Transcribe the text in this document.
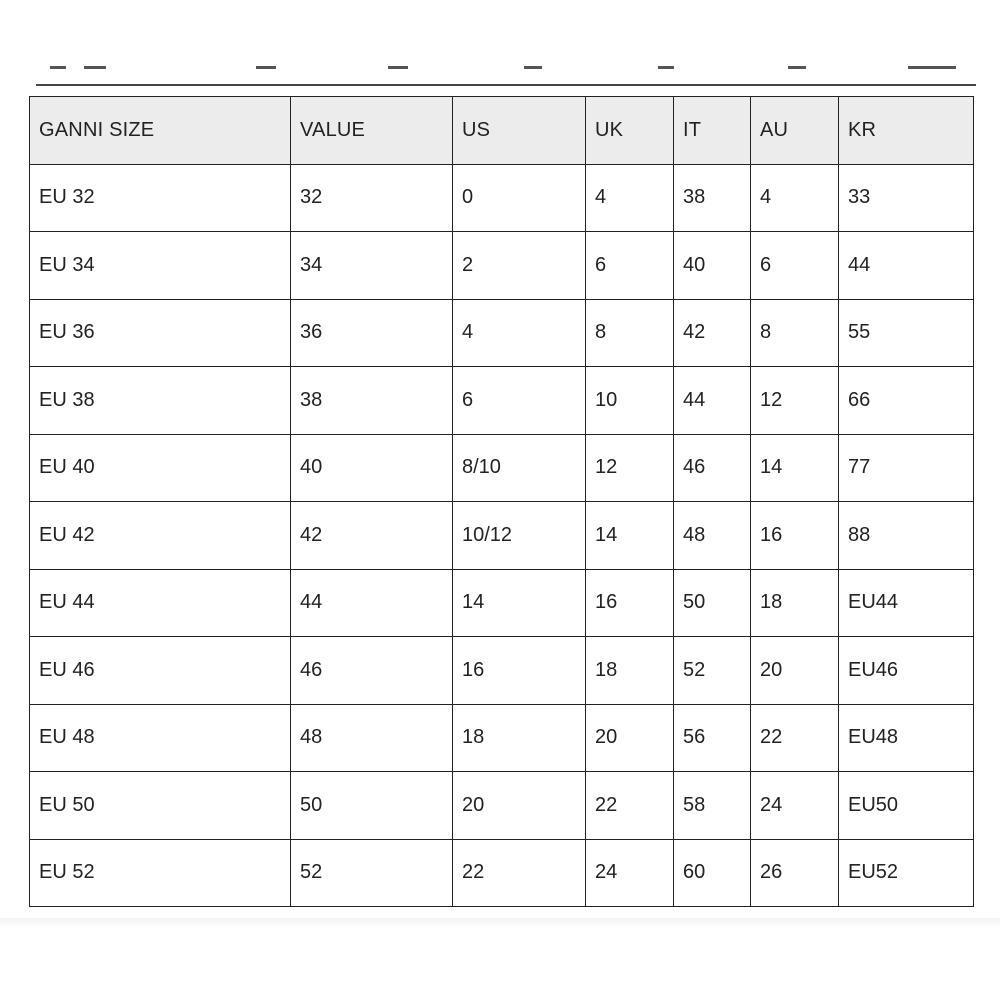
GANNI SIZE	VALUE	US	UK	IT	AU	KR
EU 32	32	0	4	38	4	33
EU 34	34	2	6	40	6	44
EU 36	36	4	8	42	8	55
EU 38	38	6	10	44	12	66
EU 40	40	8/10	12	46	14	77
EU 42	42	10/12	14	48	16	88
EU 44	44	14	16	50	18	EU44
EU 46	46	16	18	52	20	EU46
EU 48	48	18	20	56	22	EU48
EU 50	50	20	22	58	24	EU50
EU 52	52	22	24	60	26	EU52
